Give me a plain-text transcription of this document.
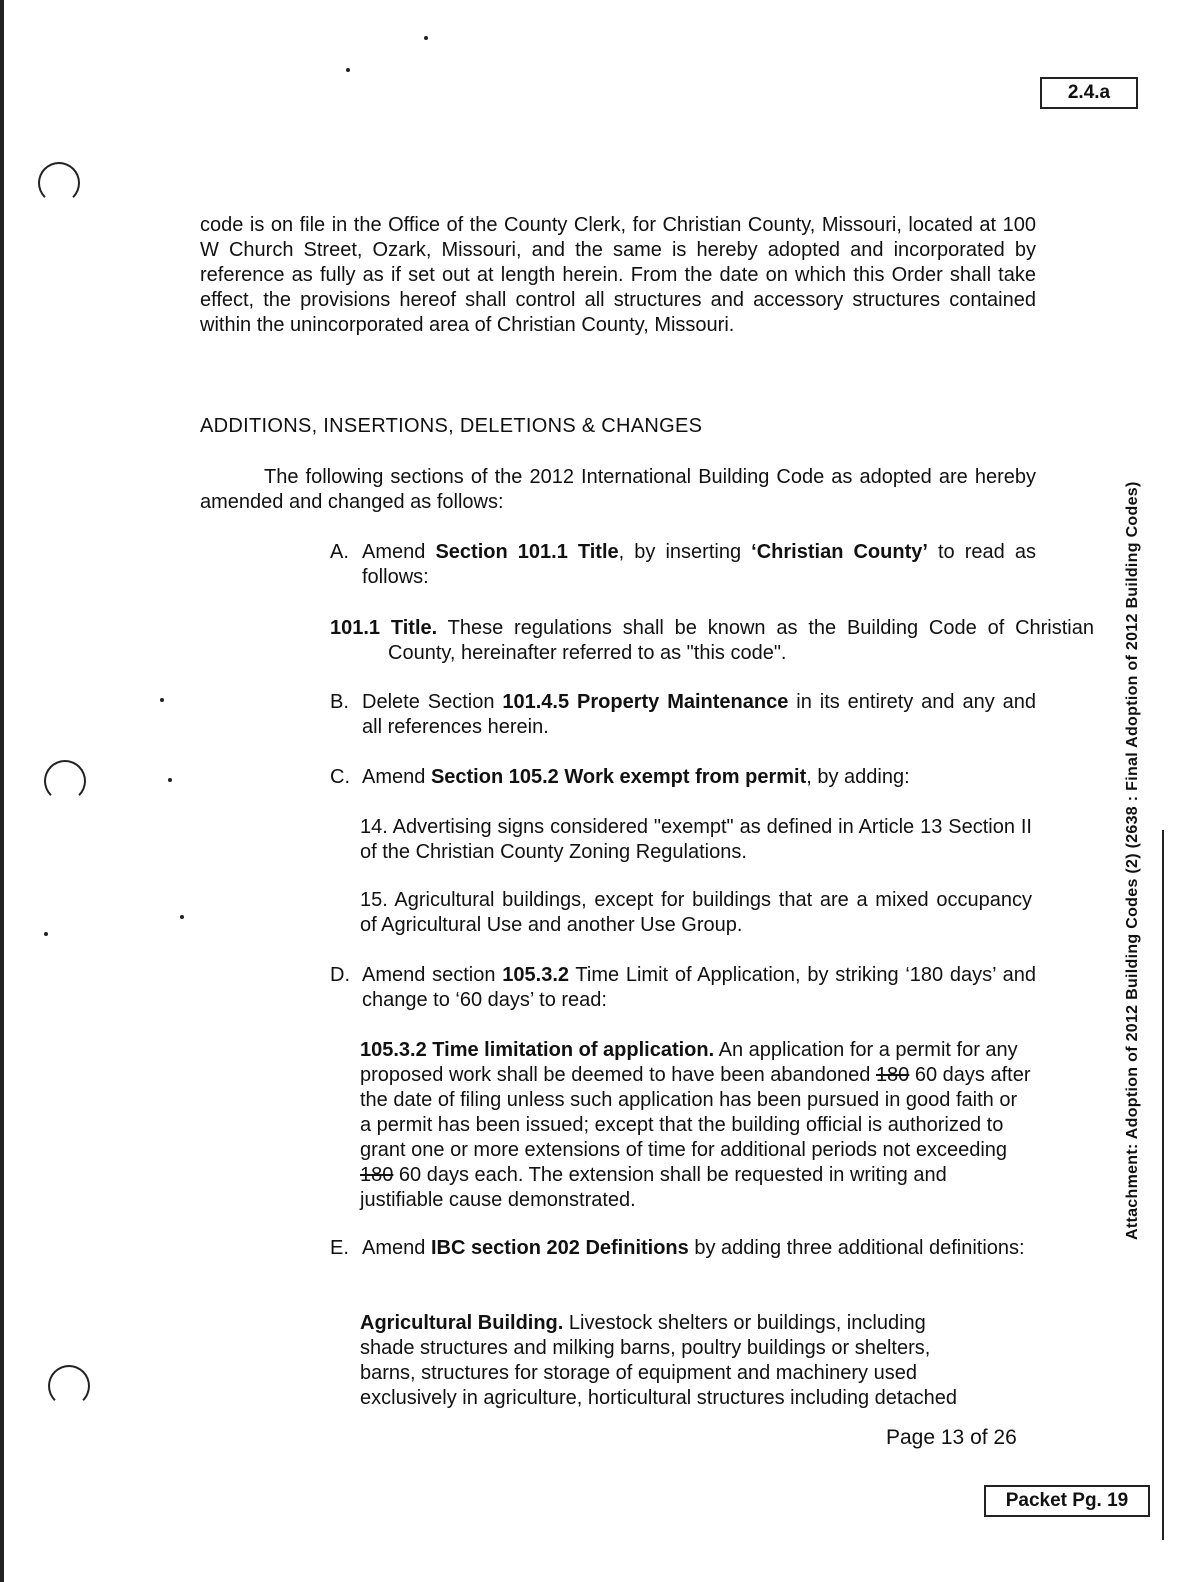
2.4.a
Attachment: Adoption of 2012 Building Codes (2) (2638 : Final Adoption of 2012 Building Codes)

code is on file in the Office of the County Clerk, for Christian County, Missouri, located at 100 W Church Street, Ozark, Missouri, and the same is hereby adopted and incorporated by reference as fully as if set out at length herein. From the date on which this Order shall take effect, the provisions hereof shall control all structures and accessory structures contained within the unincorporated area of Christian County, Missouri.

ADDITIONS, INSERTIONS, DELETIONS & CHANGES

The following sections of the 2012 International Building Code as adopted are hereby amended and changed as follows:

A. Amend Section 101.1 Title, by inserting ‘Christian County’ to read as follows:

101.1 Title. These regulations shall be known as the Building Code of Christian County, hereinafter referred to as "this code".

B. Delete Section 101.4.5 Property Maintenance in its entirety and any and all references herein.
C. Amend Section 105.2 Work exempt from permit, by adding:

14. Advertising signs considered "exempt" as defined in Article 13 Section II of the Christian County Zoning Regulations.

15. Agricultural buildings, except for buildings that are a mixed occupancy of Agricultural Use and another Use Group.

D. Amend section 105.3.2 Time Limit of Application, by striking ‘180 days’ and change to ‘60 days’ to read:

105.3.2 Time limitation of application. An application for a permit for any proposed work shall be deemed to have been abandoned 180 60 days after the date of filing unless such application has been pursued in good faith or a permit has been issued; except that the building official is authorized to grant one or more extensions of time for additional periods not exceeding 180 60 days each. The extension shall be requested in writing and justifiable cause demonstrated.

E. Amend IBC section 202 Definitions by adding three additional definitions:

Agricultural Building. Livestock shelters or buildings, including shade structures and milking barns, poultry buildings or shelters, barns, structures for storage of equipment and machinery used exclusively in agriculture, horticultural structures including detached

Page 13 of 26
Packet Pg. 19
